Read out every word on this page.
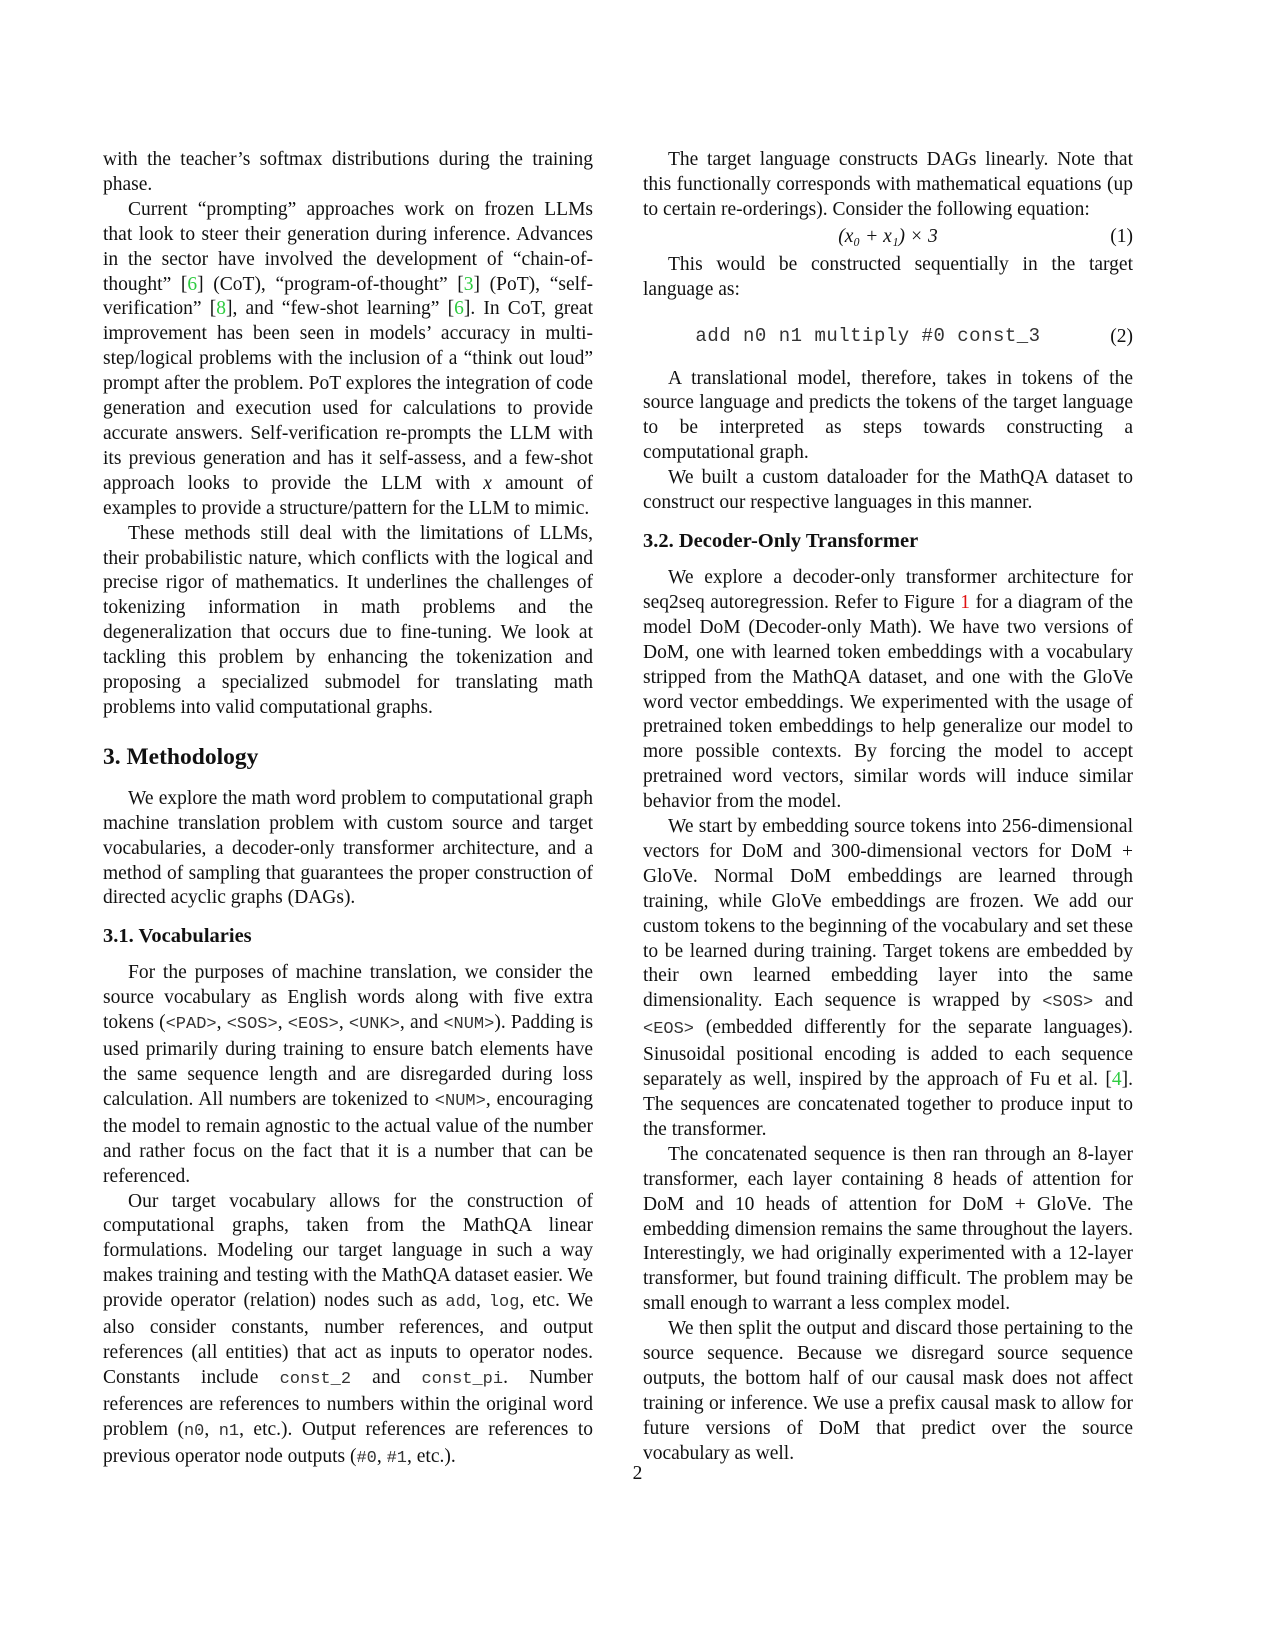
with the teacher’s softmax distributions during the training phase.

Current “prompting” approaches work on frozen LLMs that look to steer their generation during inference. Advances in the sector have involved the development of “chain-of-thought” [6] (CoT), “program-of-thought” [3] (PoT), “self-verification” [8], and “few-shot learning” [6]. In CoT, great improvement has been seen in models’ accuracy in multi-step/logical problems with the inclusion of a “think out loud” prompt after the problem. PoT explores the integration of code generation and execution used for calculations to provide accurate answers. Self-verification re-prompts the LLM with its previous generation and has it self-assess, and a few-shot approach looks to provide the LLM with x amount of examples to provide a structure/pattern for the LLM to mimic.

These methods still deal with the limitations of LLMs, their probabilistic nature, which conflicts with the logical and precise rigor of mathematics. It underlines the challenges of tokenizing information in math problems and the degeneralization that occurs due to fine-tuning. We look at tackling this problem by enhancing the tokenization and proposing a specialized submodel for translating math problems into valid computational graphs.

3. Methodology

We explore the math word problem to computational graph machine translation problem with custom source and target vocabularies, a decoder-only transformer architecture, and a method of sampling that guarantees the proper construction of directed acyclic graphs (DAGs).

3.1. Vocabularies

For the purposes of machine translation, we consider the source vocabulary as English words along with five extra tokens (<PAD>, <SOS>, <EOS>, <UNK>, and <NUM>). Padding is used primarily during training to ensure batch elements have the same sequence length and are disregarded during loss calculation. All numbers are tokenized to <NUM>, encouraging the model to remain agnostic to the actual value of the number and rather focus on the fact that it is a number that can be referenced.

Our target vocabulary allows for the construction of computational graphs, taken from the MathQA linear formulations. Modeling our target language in such a way makes training and testing with the MathQA dataset easier. We provide operator (relation) nodes such as add, log, etc. We also consider constants, number references, and output references (all entities) that act as inputs to operator nodes. Constants include const_2 and const_pi. Number references are references to numbers within the original word problem (n0, n1, etc.). Output references are references to previous operator node outputs (#0, #1, etc.).

The target language constructs DAGs linearly. Note that this functionally corresponds with mathematical equations (up to certain re-orderings). Consider the following equation:

(x₀ + x₁) × 3	(1)

This would be constructed sequentially in the target language as:

add n0 n1 multiply #0 const_3	(2)

A translational model, therefore, takes in tokens of the source language and predicts the tokens of the target language to be interpreted as steps towards constructing a computational graph.

We built a custom dataloader for the MathQA dataset to construct our respective languages in this manner.

3.2. Decoder-Only Transformer

We explore a decoder-only transformer architecture for seq2seq autoregression. Refer to Figure 1 for a diagram of the model DoM (Decoder-only Math). We have two versions of DoM, one with learned token embeddings with a vocabulary stripped from the MathQA dataset, and one with the GloVe word vector embeddings. We experimented with the usage of pretrained token embeddings to help generalize our model to more possible contexts. By forcing the model to accept pretrained word vectors, similar words will induce similar behavior from the model.

We start by embedding source tokens into 256-dimensional vectors for DoM and 300-dimensional vectors for DoM + GloVe. Normal DoM embeddings are learned through training, while GloVe embeddings are frozen. We add our custom tokens to the beginning of the vocabulary and set these to be learned during training. Target tokens are embedded by their own learned embedding layer into the same dimensionality. Each sequence is wrapped by <SOS> and <EOS> (embedded differently for the separate languages). Sinusoidal positional encoding is added to each sequence separately as well, inspired by the approach of Fu et al. [4]. The sequences are concatenated together to produce input to the transformer.

The concatenated sequence is then ran through an 8-layer transformer, each layer containing 8 heads of attention for DoM and 10 heads of attention for DoM + GloVe. The embedding dimension remains the same throughout the layers. Interestingly, we had originally experimented with a 12-layer transformer, but found training difficult. The problem may be small enough to warrant a less complex model.

We then split the output and discard those pertaining to the source sequence. Because we disregard source sequence outputs, the bottom half of our causal mask does not affect training or inference. We use a prefix causal mask to allow for future versions of DoM that predict over the source vocabulary as well.

2
